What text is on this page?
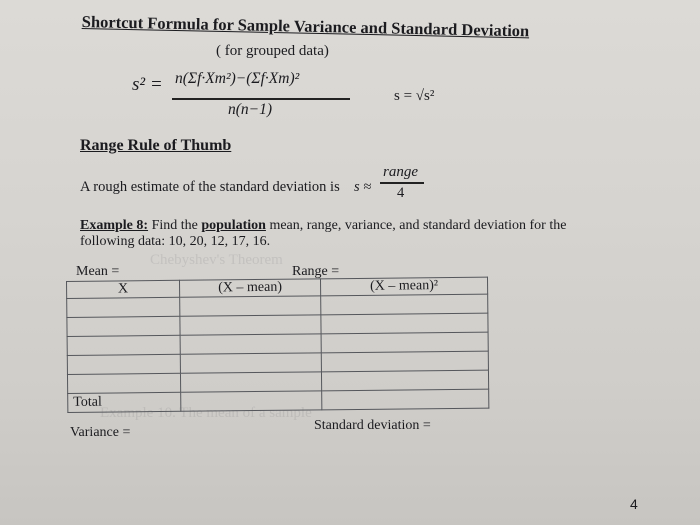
Chebyshev's Theorem
Example 10. The mean of a sample
Shortcut Formula for Sample Variance and Standard Deviation
( for grouped data)
s² = n(Σf·Xm²)−(Σf·Xm)²
n(n−1)
s = √s²
Range Rule of Thumb
A rough estimate of the standard deviation is s ≈
range
4
Example 8: Find the population mean, range, variance, and standard deviation for the
following data: 10, 20, 12, 17, 16.
Mean =	Range =
X	(X – mean)	(X – mean)²

Total		
Variance =	Standard deviation =
4
